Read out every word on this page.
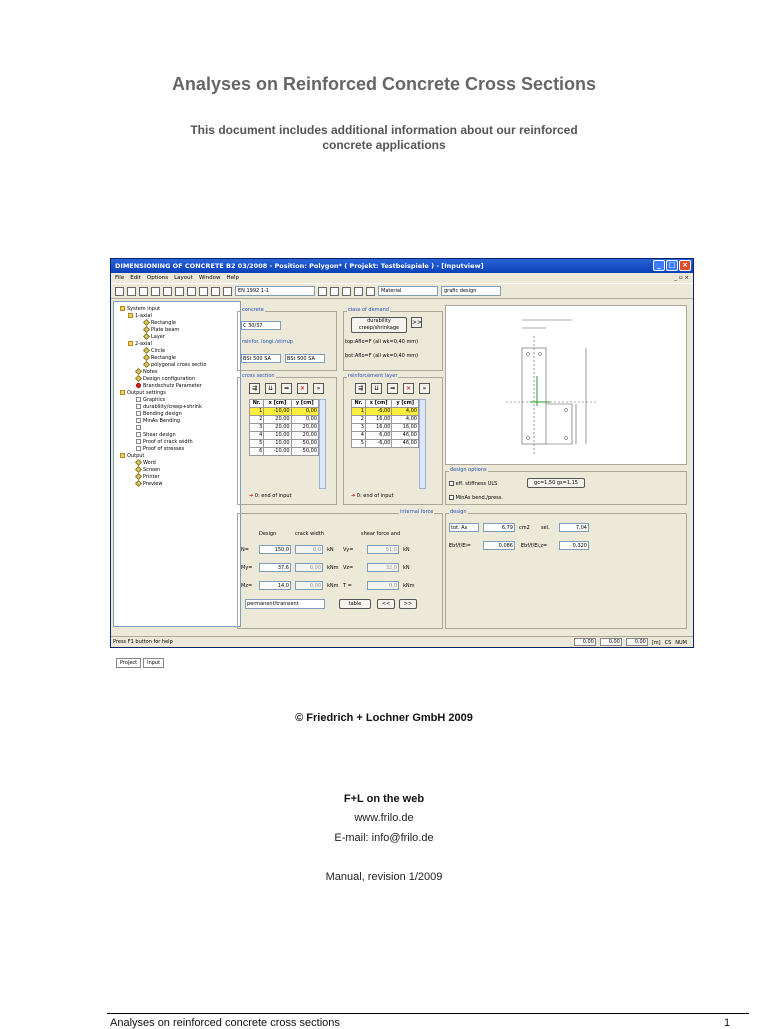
Analyses on Reinforced Concrete Cross Sections
This document includes additional information about our reinforced concrete applications
DIMENSIONING OF CONCRETE B2 03/2008 - Position: Polygon* ( Projekt: Testbeispiele ) - [Inputview]	_	□ ×
File Edit Options Layout Window Help	_ ▫ ×
EN 1992 1-1	Material	grafic design
System input
1-axial
Rectangle
Plate beam
Layer
2-axial
Circle
Rectangle
polygonal cross sectio
Notes
Design configuration
Brandschutz Parameter
Output settings
Graphics
durability/creep+shrink
Bending design
MinAs Bending
Shear design
Proof of crack width
Proof of stresses
Output
Word
Screen
Printer
Preview
Project	Input
concrete
C 30/37
reinfor. longi./stirrup
BSt 500 SA	BSt 500 SA
class of demand
durability creep/shrinkage
>>
top:Aflo=F (all wk=0,40 mm)
bot:Aflo=F (all wk=0,40 mm)
cross section
⇶	⇊	⇛	✕	»
Nr.	x [cm]	y [cm]
1	-10,00	0,00
2	20,00	0,00
3	20,00	20,00
4	10,00	20,00
5	10,00	50,00
6	-10,00	50,00
➜ 0: end of input
reinforcement layer
⇶	⇊	⇛	✕	»
Nr.	x [cm]	y [cm]
1	-6,00	4,00
2	16,00	4,00
3	16,00	16,00
4	6,00	46,00
5	-6,00	46,00
➜ 0: end of input
design options
eff. stiffness ULS	gc=1,50 gs=1,15
MinAs bend./press.
internal force
Design	crack width	shear force and
N=	150,0	0,0	kN Vy=	51,0	kN
My=	37,6	0,00	kNm Vz=	32,0	kN
Mz=	14,0	0,00	kNm T =	0,0	kNm
permanent/transient	table	<<	>>
design
tot. As	6,79	cm2 sel.	7,04
Ebf/f/Ei=	0,086	Ebf/f/Ei,z=	0,320
Press F1 button for help	0,00	0,00	0,00	[m] CS NUM
© Friedrich + Lochner GmbH 2009
F+L on the web
www.frilo.de
E-mail: info@frilo.de
Manual, revision 1/2009
Analyses on reinforced concrete cross sections	1
